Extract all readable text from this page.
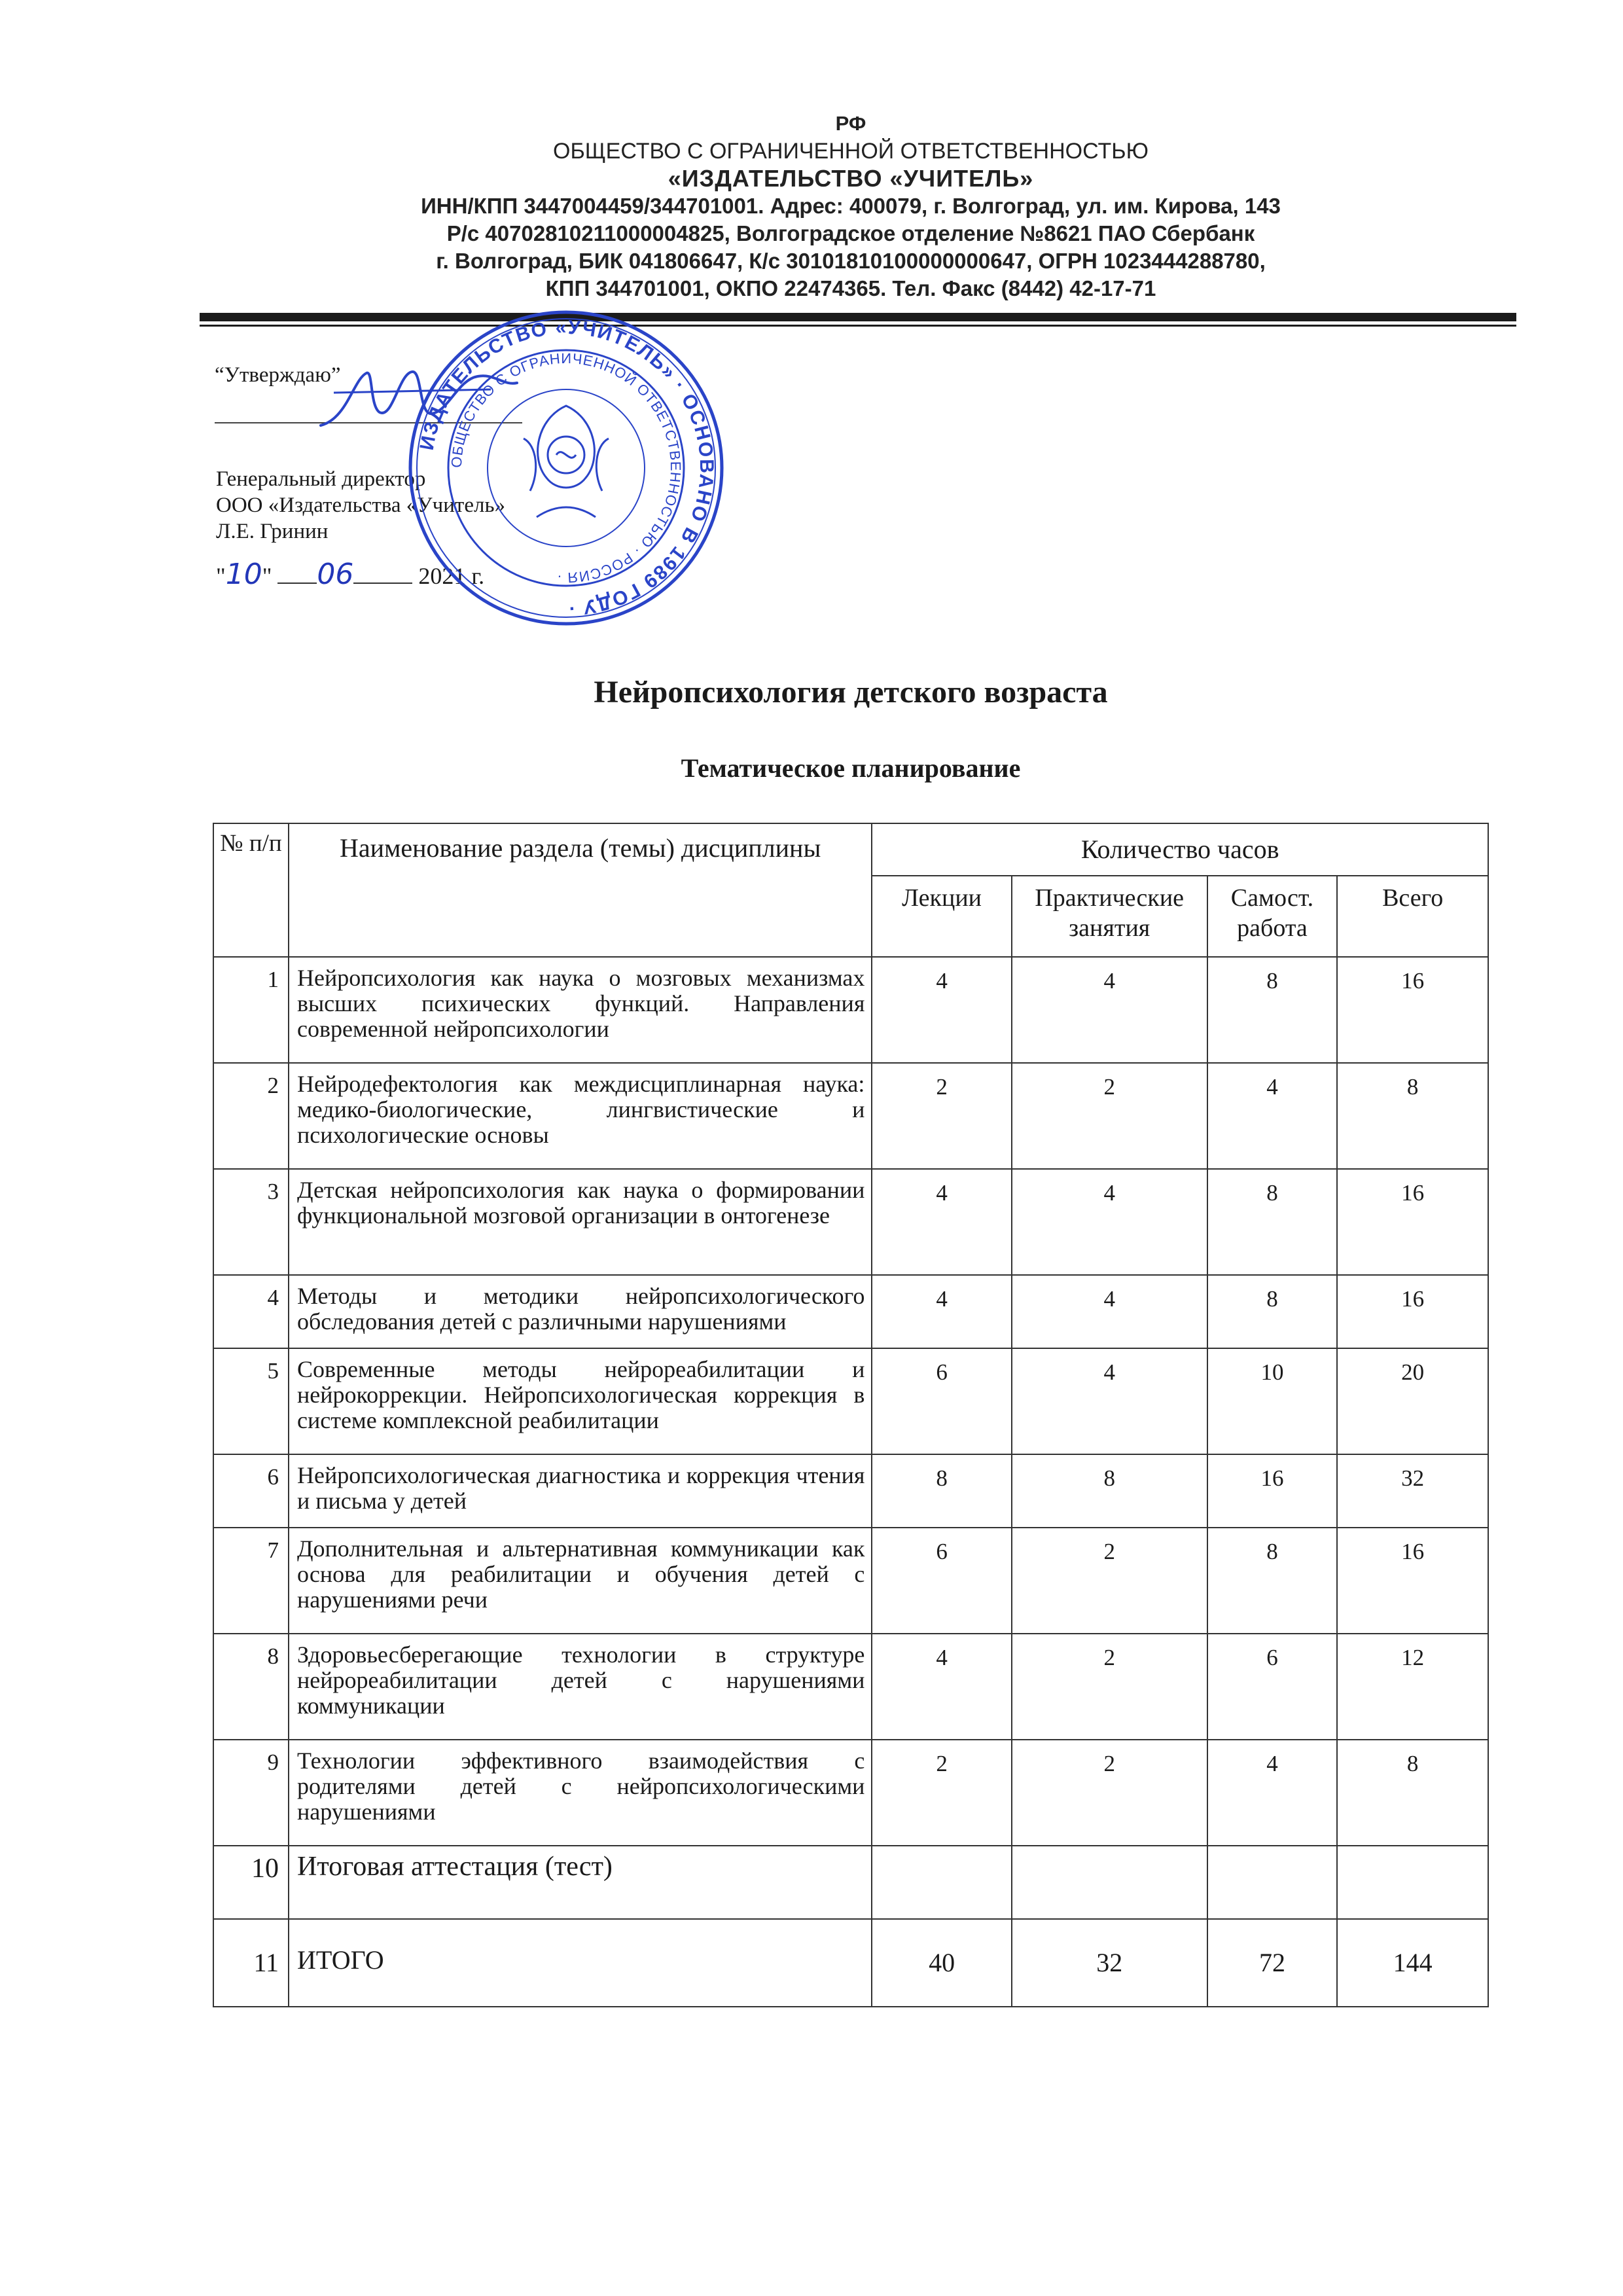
РФ
ОБЩЕСТВО С ОГРАНИЧЕННОЙ ОТВЕТСТВЕННОСТЬЮ
«ИЗДАТЕЛЬСТВО «УЧИТЕЛЬ»
ИНН/КПП 3447004459/344701001. Адрес: 400079, г. Волгоград, ул. им. Кирова, 143
Р/с 40702810211000004825, Волгоградское отделение №8621 ПАО Сбербанк
г. Волгоград, БИК 041806647, К/с 30101810100000000647, ОГРН 1023444288780,
КПП 344701001, ОКПО 22474365. Тел. Факс (8442) 42-17-71
“Утверждаю”
Генеральный директор
ООО «Издательства «Учитель»
Л.Е. Гринин
"10" 06	2021 г.
ИЗДАТЕЛЬСТВО «УЧИТЕЛЬ» · ОСНОВАНО В 1989 ГОДУ ·
ОБЩЕСТВО С ОГРАНИЧЕННОЙ ОТВЕТСТВЕННОСТЬЮ · РОССИЯ ·
Нейропсихология детского возраста
Тематическое планирование
№ п/п	Наименование раздела (темы) дисциплины	Количество часов			
		Лекции	Практические занятия	Самост. работа	Всего
1	Нейропсихология как наука о мозговых механизмах высших психических функций. Направления современной нейропсихологии	4	4	8	16
2	Нейродефектология как междисциплинарная наука: медико-биологические, лингвистические и психологические основы	2	2	4	8
3	Детская нейропсихология как наука о формировании функциональной мозговой организации в онтогенезе	4	4	8	16
4	Методы и методики нейропсихологического обследования детей с различными нарушениями	4	4	8	16
5	Современные методы нейрореабилитации и нейрокоррекции. Нейропсихологическая коррекция в системе комплексной реабилитации	6	4	10	20
6	Нейропсихологическая диагностика и коррекция чтения и письма у детей	8	8	16	32
7	Дополнительная и альтернативная коммуникации как основа для реабилитации и обучения детей с нарушениями речи	6	2	8	16
8	Здоровьесберегающие технологии в структуре нейрореабилитации детей с нарушениями коммуникации	4	2	6	12
9	Технологии эффективного взаимодействия с родителями детей с нейропсихологическими нарушениями	2	2	4	8
10	Итоговая аттестация (тест)				
11	ИТОГО	40	32	72	144
